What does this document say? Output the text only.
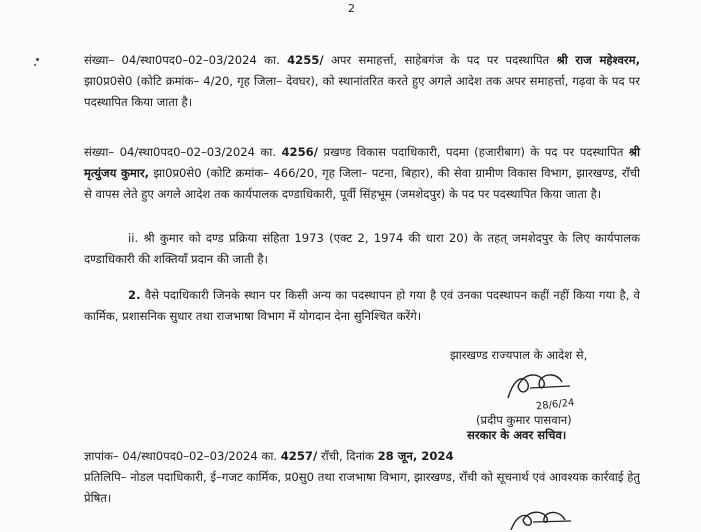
2

संख्या– 04/स्था0पद0–02–03/2024 का. 4255/ अपर समाहर्त्ता, साहेबगंज के पद पर पदस्थापित श्री राज महेश्वरम, झा0प्र0से0 (कोटि क्रमांक– 4/20, गृह जिला– देवघर), को स्थानांतरित करते हुए अगले आदेश तक अपर समाहर्त्ता, गढ़वा के पद पर पदस्थापित किया जाता है।

संख्या– 04/स्था0पद0–02–03/2024 का. 4256/ प्रखण्ड विकास पदाधिकारी, पदमा (हजारीबाग) के पद पर पदस्थापित श्री मृत्युंजय कुमार, झा0प्र0से0 (कोटि क्रमांक– 466/20, गृह जिला– पटना, बिहार), की सेवा ग्रामीण विकास विभाग, झारखण्ड, राँची से वापस लेते हुए अगले आदेश तक कार्यपालक दण्डाधिकारी, पूर्वी सिंहभूम (जमशेदपुर) के पद पर पदस्थापित किया जाता है।

ii. श्री कुमार को दण्ड प्रक्रिया संहिता 1973 (एक्ट 2, 1974 की धारा 20) के तहत् जमशेदपुर के लिए कार्यपालक दण्डाधिकारी की शक्तियाँ प्रदान की जाती है।

2. वैसे पदाधिकारी जिनके स्थान पर किसी अन्य का पदस्थापन हो गया है एवं उनका पदस्थापन कहीं नहीं किया गया है, वे कार्मिक, प्रशासनिक सुधार तथा राजभाषा विभाग में योगदान देना सुनिश्चित करेंगे।

झारखण्ड राज्यपाल के आदेश से,
28/6/24
(प्रदीप कुमार पासवान)
सरकार के अवर सचिव।
ज्ञापांक– 04/स्था0पद0–02–03/2024 का. 4257/ राँची, दिनांक 28 जून, 2024
प्रतिलिपि– नोडल पदाधिकारी, ई–गजट कार्मिक, प्र0सु0 तथा राजभाषा विभाग, झारखण्ड, राँची को सूचनार्थ एवं आवश्यक कार्रवाई हेतु प्रेषित।
